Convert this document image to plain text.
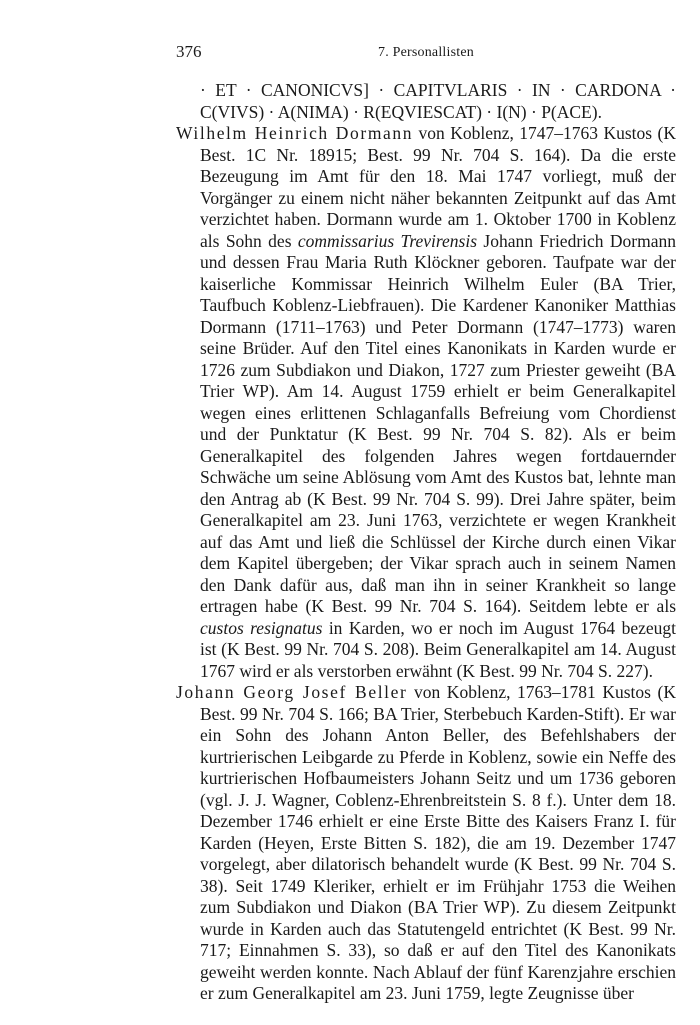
376	7. Personallisten

· ET · CANONICVS] · CAPITVLARIS · IN · CARDONA · C(VIVS) · A(NIMA) · R(EQVIESCAT) · I(N) · P(ACE).

Wilhelm Heinrich Dormann von Koblenz, 1747–1763 Kustos (K Best. 1C Nr. 18915; Best. 99 Nr. 704 S. 164). Da die erste Bezeugung im Amt für den 18. Mai 1747 vorliegt, muß der Vorgänger zu einem nicht näher bekannten Zeitpunkt auf das Amt verzichtet haben. Dormann wurde am 1. Oktober 1700 in Koblenz als Sohn des commissarius Trevirensis Johann Friedrich Dormann und dessen Frau Maria Ruth Klöckner geboren. Taufpate war der kaiserliche Kommissar Heinrich Wilhelm Euler (BA Trier, Taufbuch Koblenz-Liebfrauen). Die Kardener Kanoniker Matthias Dormann (1711–1763) und Peter Dormann (1747–1773) waren seine Brüder. Auf den Titel eines Kanonikats in Karden wurde er 1726 zum Subdiakon und Diakon, 1727 zum Priester geweiht (BA Trier WP). Am 14. August 1759 erhielt er beim Generalkapitel wegen eines erlittenen Schlaganfalls Befreiung vom Chordienst und der Punktatur (K Best. 99 Nr. 704 S. 82). Als er beim Generalkapitel des folgenden Jahres wegen fortdauernder Schwäche um seine Ablösung vom Amt des Kustos bat, lehnte man den Antrag ab (K Best. 99 Nr. 704 S. 99). Drei Jahre später, beim Generalkapitel am 23. Juni 1763, verzichtete er wegen Krankheit auf das Amt und ließ die Schlüssel der Kirche durch einen Vikar dem Kapitel übergeben; der Vikar sprach auch in seinem Namen den Dank dafür aus, daß man ihn in seiner Krankheit so lange ertragen habe (K Best. 99 Nr. 704 S. 164). Seitdem lebte er als custos resignatus in Karden, wo er noch im August 1764 bezeugt ist (K Best. 99 Nr. 704 S. 208). Beim Generalkapitel am 14. August 1767 wird er als verstorben erwähnt (K Best. 99 Nr. 704 S. 227).

Johann Georg Josef Beller von Koblenz, 1763–1781 Kustos (K Best. 99 Nr. 704 S. 166; BA Trier, Sterbebuch Karden-Stift). Er war ein Sohn des Johann Anton Beller, des Befehlshabers der kurtrierischen Leibgarde zu Pferde in Koblenz, sowie ein Neffe des kurtrierischen Hofbaumeisters Johann Seitz und um 1736 geboren (vgl. J. J. Wagner, Coblenz-Ehrenbreitstein S. 8 f.). Unter dem 18. Dezember 1746 erhielt er eine Erste Bitte des Kaisers Franz I. für Karden (Heyen, Erste Bitten S. 182), die am 19. Dezember 1747 vorgelegt, aber dilatorisch behandelt wurde (K Best. 99 Nr. 704 S. 38). Seit 1749 Kleriker, erhielt er im Frühjahr 1753 die Weihen zum Subdiakon und Diakon (BA Trier WP). Zu diesem Zeitpunkt wurde in Karden auch das Statutengeld entrichtet (K Best. 99 Nr. 717; Einnahmen S. 33), so daß er auf den Titel des Kanonikats geweiht werden konnte. Nach Ablauf der fünf Karenzjahre erschien er zum Generalkapitel am 23. Juni 1759, legte Zeugnisse über
